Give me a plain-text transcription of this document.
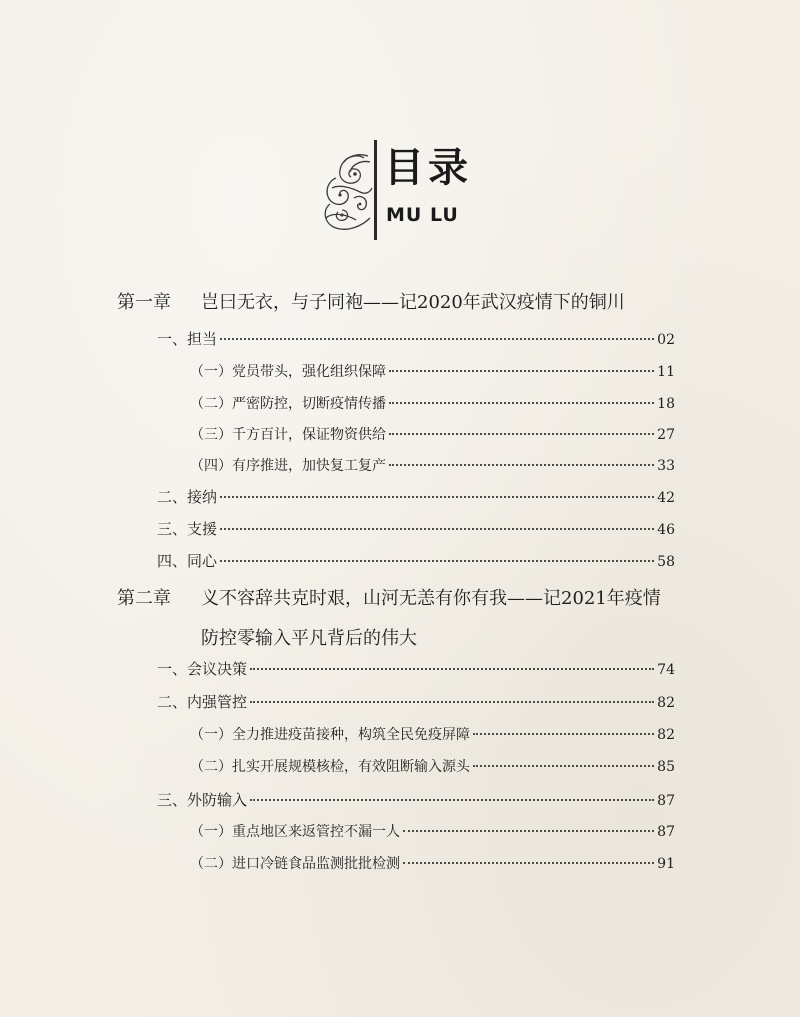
目录
MU LU
第一章 岂曰无衣，与子同袍——记2020年武汉疫情下的铜川
一、担当	02
（一）党员带头，强化组织保障	11
（二）严密防控，切断疫情传播	18
（三）千方百计，保证物资供给	27
（四）有序推进，加快复工复产	33
二、接纳	42
三、支援	46
四、同心	58
第二章 义不容辞共克时艰，山河无恙有你有我——记2021年疫情
防控零输入平凡背后的伟大
一、会议决策	74
二、内强管控	82
（一）全力推进疫苗接种，构筑全民免疫屏障	82
（二）扎实开展规模核检，有效阻断输入源头	85
三、外防输入	87
（一）重点地区来返管控不漏一人	87
（二）进口冷链食品监测批批检测	91
